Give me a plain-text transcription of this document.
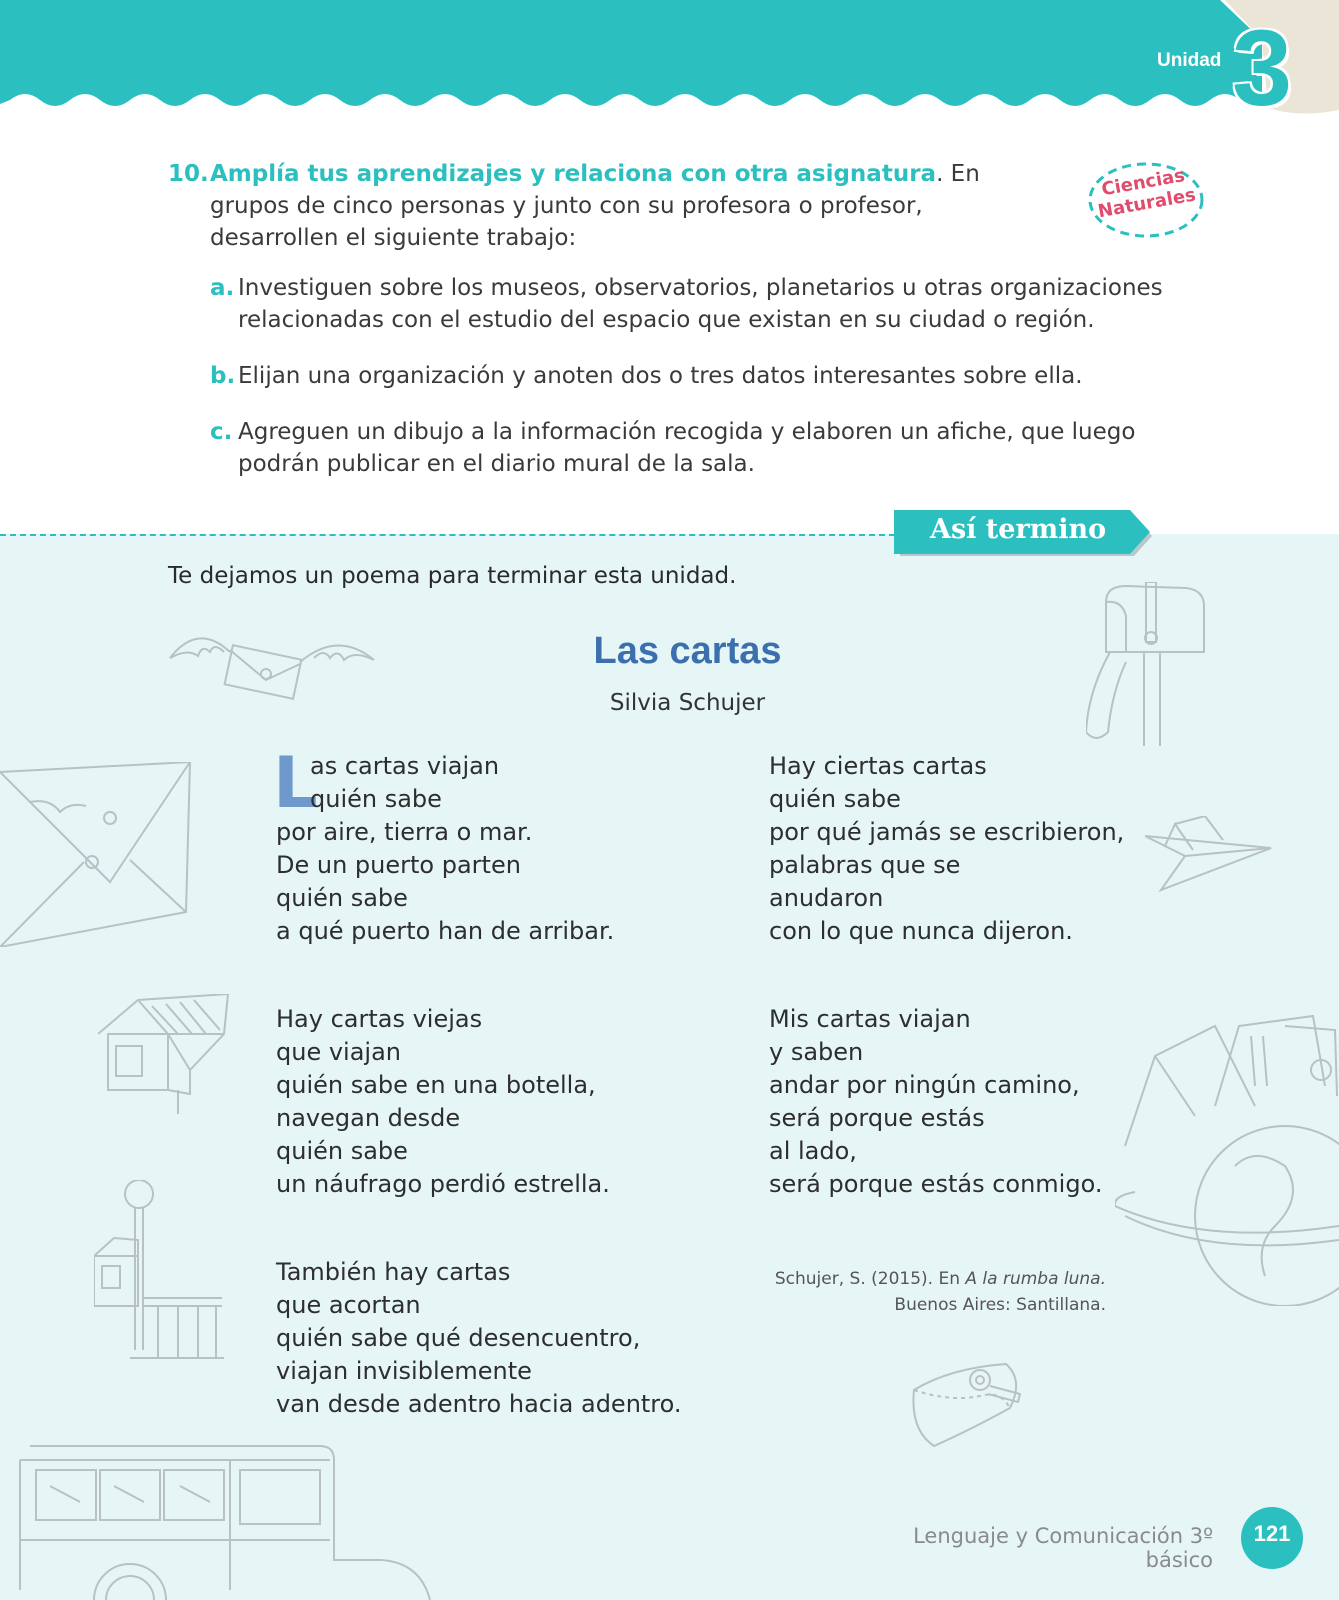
Unidad 3
10. Amplía tus aprendizajes y relaciona con otra asignatura. En grupos de cinco personas y junto con su profesora o profesor, desarrollen el siguiente trabajo:
a. Investiguen sobre los museos, observatorios, planetarios u otras organizaciones relacionadas con el estudio del espacio que existan en su ciudad o región.
b. Elijan una organización y anoten dos o tres datos interesantes sobre ella.
c. Agreguen un dibujo a la información recogida y elaboren un afiche, que luego podrán publicar en el diario mural de la sala.
Ciencias Naturales
Así termino
Te dejamos un poema para terminar esta unidad.
Las cartas
Silvia Schujer
L
as cartas viajan
quién sabe
por aire, tierra o mar.
De un puerto parten
quién sabe
a qué puerto han de arribar.
Hay cartas viejas
que viajan
quién sabe en una botella,
navegan desde
quién sabe
un náufrago perdió estrella.
También hay cartas
que acortan
quién sabe qué desencuentro,
viajan invisiblemente
van desde adentro hacia adentro.
Hay ciertas cartas
quién sabe
por qué jamás se escribieron,
palabras que se
anudaron
con lo que nunca dijeron.
Mis cartas viajan
y saben
andar por ningún camino,
será porque estás
al lado,
será porque estás conmigo.
Schujer, S. (2015). En A la rumba luna.
Buenos Aires: Santillana.
Lenguaje y Comunicación 3º básico
121
